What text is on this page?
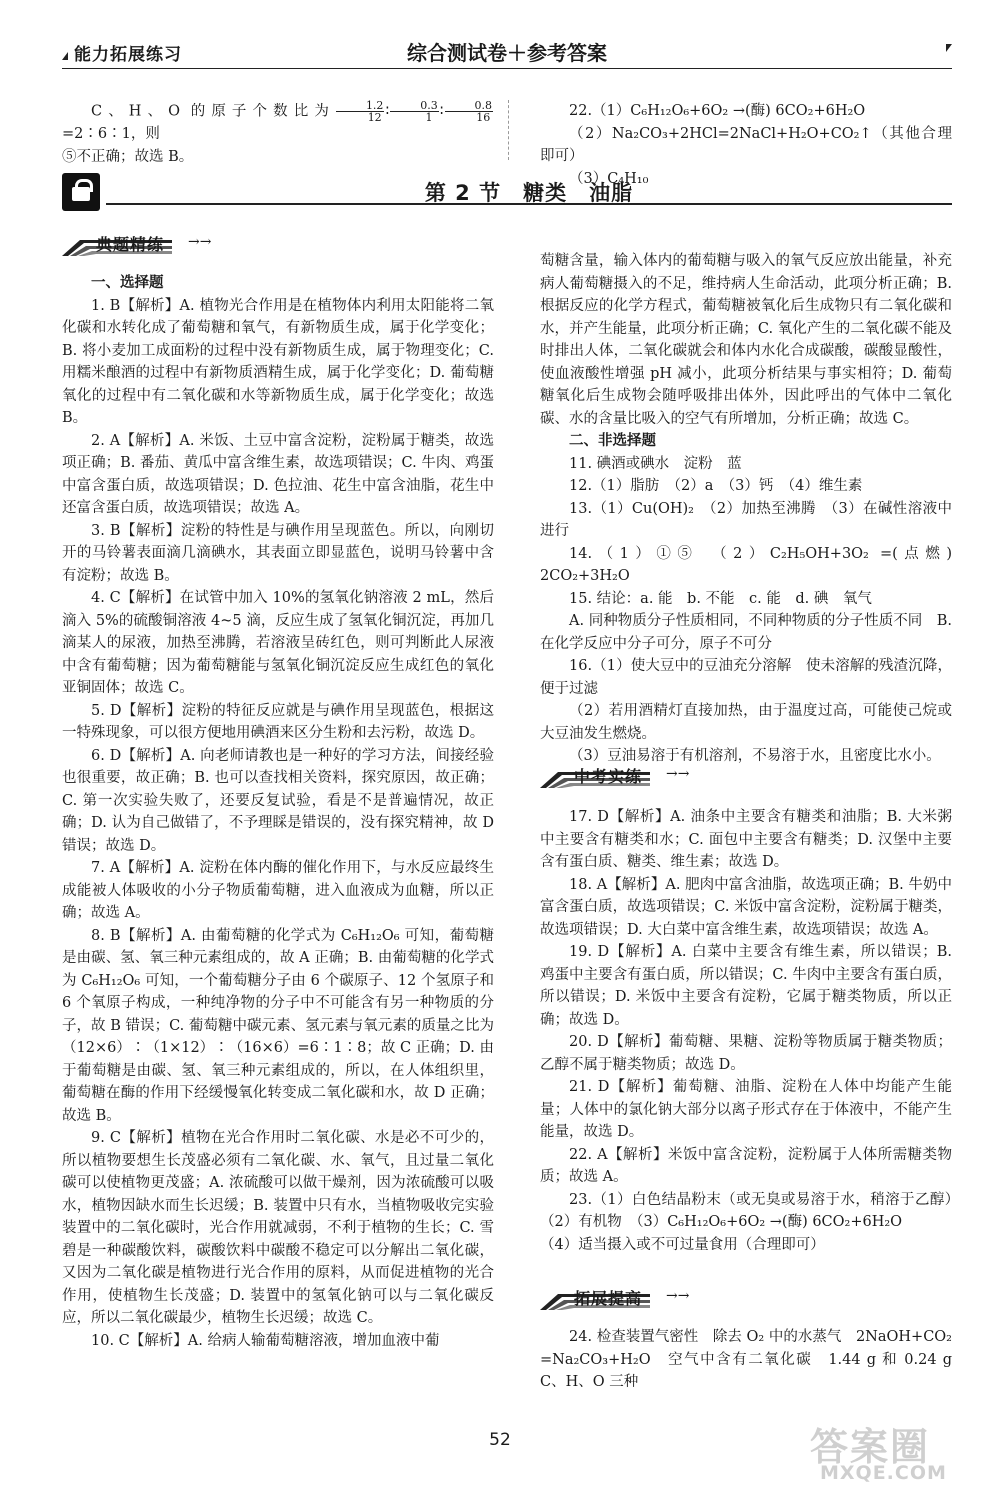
能力拓展练习	综合测试卷＋参考答案

C、H、O 的原子个数比为 $\frac{1.2}{12}$ ∶ $\frac{0.3}{1}$ ∶ $\frac{0.8}{16}$
=2∶6∶1，则

⑤不正确；故选 B。

22.（1）C₆H₁₂O₆+6O₂ →(酶) 6CO₂+6H₂O

（2）Na₂CO₃+2HCl=2NaCl+H₂O+CO₂↑（其他合理即可）

（3）C₄H₁₀

第 2 节　糖类　油脂
典题精练 →→

一、选择题

1. B【解析】A. 植物光合作用是在植物体内利用太阳能将二氧化碳和水转化成了葡萄糖和氧气，有新物质生成，属于化学变化；B. 将小麦加工成面粉的过程中没有新物质生成，属于物理变化；C. 用糯米酿酒的过程中有新物质酒精生成，属于化学变化；D. 葡萄糖氧化的过程中有二氧化碳和水等新物质生成，属于化学变化；故选 B。

2. A【解析】A. 米饭、土豆中富含淀粉，淀粉属于糖类，故选项正确；B. 番茄、黄瓜中富含维生素，故选项错误；C. 牛肉、鸡蛋中富含蛋白质，故选项错误；D. 色拉油、花生中富含油脂，花生中还富含蛋白质，故选项错误；故选 A。

3. B【解析】淀粉的特性是与碘作用呈现蓝色。所以，向刚切开的马铃薯表面滴几滴碘水，其表面立即显蓝色，说明马铃薯中含有淀粉；故选 B。

4. C【解析】在试管中加入 10%的氢氧化钠溶液 2 mL，然后滴入 5%的硫酸铜溶液 4~5 滴，反应生成了氢氧化铜沉淀，再加几滴某人的尿液，加热至沸腾，若溶液呈砖红色，则可判断此人尿液中含有葡萄糖；因为葡萄糖能与氢氧化铜沉淀反应生成红色的氧化亚铜固体；故选 C。

5. D【解析】淀粉的特征反应就是与碘作用呈现蓝色，根据这一特殊现象，可以很方便地用碘酒来区分生粉和去污粉，故选 D。

6. D【解析】A. 向老师请教也是一种好的学习方法，间接经验也很重要，故正确；B. 也可以查找相关资料，探究原因，故正确；C. 第一次实验失败了，还要反复试验，看是不是普遍情况，故正确；D. 认为自己做错了，不予理睬是错误的，没有探究精神，故 D 错误；故选 D。

7. A【解析】A. 淀粉在体内酶的催化作用下，与水反应最终生成能被人体吸收的小分子物质葡萄糖，进入血液成为血糖，所以正确；故选 A。

8. B【解析】A. 由葡萄糖的化学式为 C₆H₁₂O₆ 可知，葡萄糖是由碳、氢、氧三种元素组成的，故 A 正确；B. 由葡萄糖的化学式为 C₆H₁₂O₆ 可知，一个葡萄糖分子由 6 个碳原子、12 个氢原子和 6 个氧原子构成，一种纯净物的分子中不可能含有另一种物质的分子，故 B 错误；C. 葡萄糖中碳元素、氢元素与氧元素的质量之比为（12×6）∶（1×12）∶（16×6）=6∶1∶8；故 C 正确；D. 由于葡萄糖是由碳、氢、氧三种元素组成的，所以，在人体组织里，葡萄糖在酶的作用下经缓慢氧化转变成二氧化碳和水，故 D 正确；故选 B。

9. C【解析】植物在光合作用时二氧化碳、水是必不可少的，所以植物要想生长茂盛必须有二氧化碳、水、氧气，且过量二氧化碳可以使植物更茂盛；A. 浓硫酸可以做干燥剂，因为浓硫酸可以吸水，植物因缺水而生长迟缓；B. 装置中只有水，当植物吸收完实验装置中的二氧化碳时，光合作用就减弱，不利于植物的生长；C. 雪碧是一种碳酸饮料，碳酸饮料中碳酸不稳定可以分解出二氧化碳，又因为二氧化碳是植物进行光合作用的原料，从而促进植物的光合作用，使植物生长茂盛；D. 装置中的氢氧化钠可以与二氧化碳反应，所以二氧化碳最少，植物生长迟缓；故选 C。

10. C【解析】A. 给病人输葡萄糖溶液，增加血液中葡

萄糖含量，输入体内的葡萄糖与吸入的氧气反应放出能量，补充病人葡萄糖摄入的不足，维持病人生命活动，此项分析正确；B. 根据反应的化学方程式，葡萄糖被氧化后生成物只有二氧化碳和水，并产生能量，此项分析正确；C. 氧化产生的二氧化碳不能及时排出人体，二氧化碳就会和体内水化合成碳酸，碳酸显酸性，使血液酸性增强 pH 减小，此项分析结果与事实相符；D. 葡萄糖氧化后生成物会随呼吸排出体外，因此呼出的气体中二氧化碳、水的含量比吸入的空气有所增加，分析正确；故选 C。

二、非选择题

11. 碘酒或碘水　淀粉　蓝

12.（1）脂肪　（2）a　（3）钙　（4）维生素

13.（1）Cu(OH)₂　（2）加热至沸腾　（3）在碱性溶液中进行

14.（1）①⑤　（2）C₂H₅OH+3O₂ =(点燃) 2CO₂+3H₂O

15. 结论：a. 能　b. 不能　c. 能　d. 碘　氧气

A. 同种物质分子性质相同，不同种物质的分子性质不同　B. 在化学反应中分子可分，原子不可分

16.（1）使大豆中的豆油充分溶解　使未溶解的残渣沉降，便于过滤

（2）若用酒精灯直接加热，由于温度过高，可能使己烷或大豆油发生燃烧。

（3）豆油易溶于有机溶剂，不易溶于水，且密度比水小。

中考实练 →→

17. D【解析】A. 油条中主要含有糖类和油脂；B. 大米粥中主要含有糖类和水；C. 面包中主要含有糖类；D. 汉堡中主要含有蛋白质、糖类、维生素；故选 D。

18. A【解析】A. 肥肉中富含油脂，故选项正确；B. 牛奶中富含蛋白质，故选项错误；C. 米饭中富含淀粉，淀粉属于糖类，故选项错误；D. 大白菜中富含维生素，故选项错误；故选 A。

19. D【解析】A. 白菜中主要含有维生素，所以错误；B. 鸡蛋中主要含有蛋白质，所以错误；C. 牛肉中主要含有蛋白质，所以错误；D. 米饭中主要含有淀粉，它属于糖类物质，所以正确；故选 D。

20. D【解析】葡萄糖、果糖、淀粉等物质属于糖类物质；乙醇不属于糖类物质；故选 D。

21. D【解析】葡萄糖、油脂、淀粉在人体中均能产生能量；人体中的氯化钠大部分以离子形式存在于体液中，不能产生能量，故选 D。

22. A【解析】米饭中富含淀粉，淀粉属于人体所需糖类物质；故选 A。

23.（1）白色结晶粉末（或无臭或易溶于水，稍溶于乙醇）　（2）有机物　（3）C₆H₁₂O₆+6O₂ →(酶) 6CO₂+6H₂O

（4）适当摄入或不可过量食用（合理即可）

拓展提高 →→

24. 检查装置气密性　除去 O₂ 中的水蒸气　2NaOH+CO₂ =Na₂CO₃+H₂O　空气中含有二氧化碳　1.44 g 和 0.24 g　C、H、O 三种

52	答案圈
MXQE.COM
